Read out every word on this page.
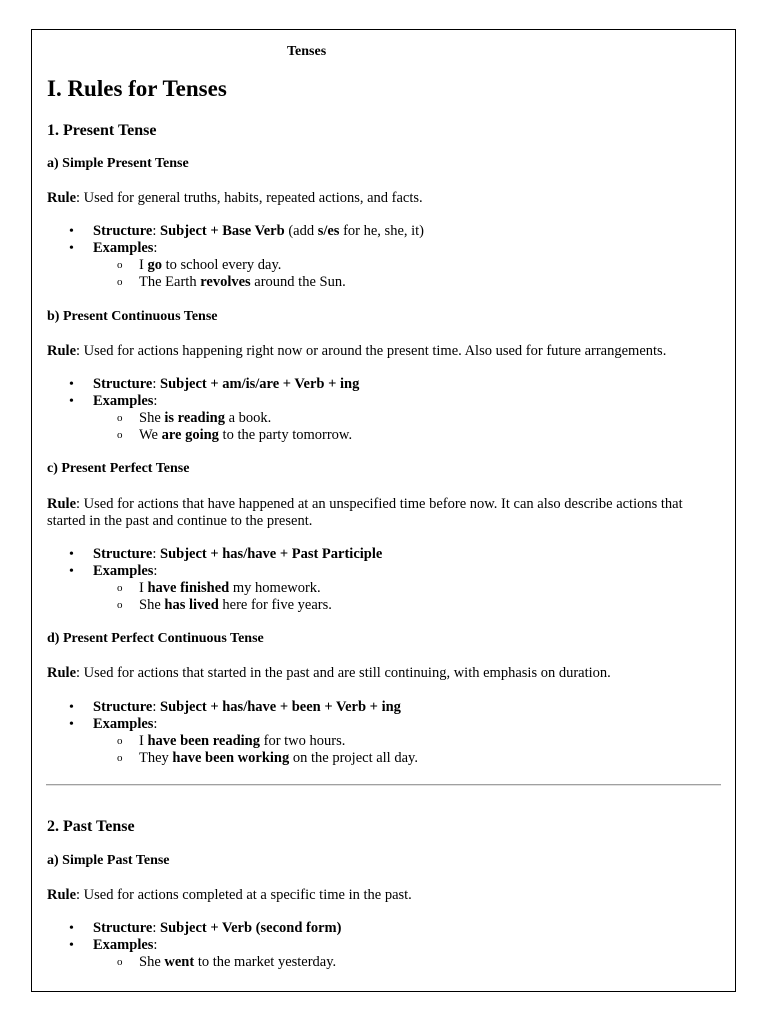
Tenses
I. Rules for Tenses
1. Present Tense
a) Simple Present Tense
Rule: Used for general truths, habits, repeated actions, and facts.
• Structure: Subject + Base Verb (add s/es for he, she, it)
• Examples:
o I go to school every day.
o The Earth revolves around the Sun.
b) Present Continuous Tense
Rule: Used for actions happening right now or around the present time. Also used for future arrangements.
• Structure: Subject + am/is/are + Verb + ing
• Examples:
o She is reading a book.
o We are going to the party tomorrow.
c) Present Perfect Tense
Rule: Used for actions that have happened at an unspecified time before now. It can also describe actions that started in the past and continue to the present.
• Structure: Subject + has/have + Past Participle
• Examples:
o I have finished my homework.
o She has lived here for five years.
d) Present Perfect Continuous Tense
Rule: Used for actions that started in the past and are still continuing, with emphasis on duration.
• Structure: Subject + has/have + been + Verb + ing
• Examples:
o I have been reading for two hours.
o They have been working on the project all day.
2. Past Tense
a) Simple Past Tense
Rule: Used for actions completed at a specific time in the past.
• Structure: Subject + Verb (second form)
• Examples:
o She went to the market yesterday.
